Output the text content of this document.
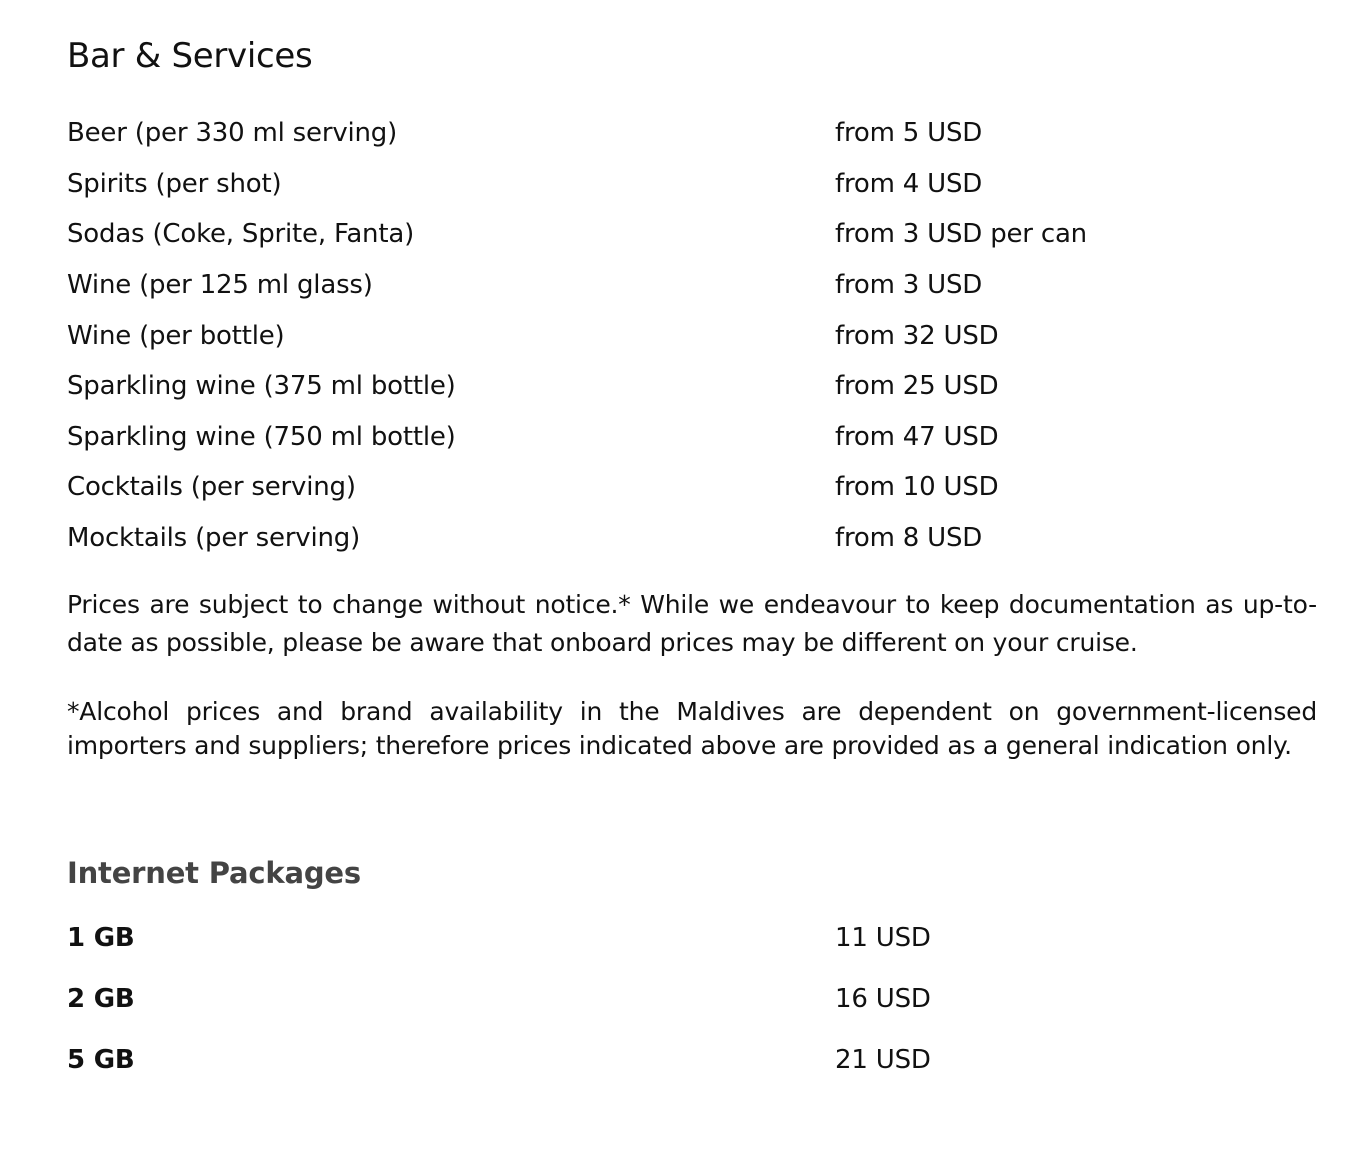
Bar & Services
Beer (per 330 ml serving)	from 5 USD
Spirits (per shot)	from 4 USD
Sodas (Coke, Sprite, Fanta)	from 3 USD per can
Wine (per 125 ml glass)	from 3 USD
Wine (per bottle)	from 32 USD
Sparkling wine (375 ml bottle)	from 25 USD
Sparkling wine (750 ml bottle)	from 47 USD
Cocktails (per serving)	from 10 USD
Mocktails (per serving)	from 8 USD

Prices are subject to change without notice.* While we endeavour to keep documentation as up-to-date as possible, please be aware that onboard prices may be different on your cruise.

*Alcohol prices and brand availability in the Maldives are dependent on government-licensed importers and suppliers; therefore prices indicated above are provided as a general indication only.

Internet Packages
1 GB	11 USD
2 GB	16 USD
5 GB	21 USD
